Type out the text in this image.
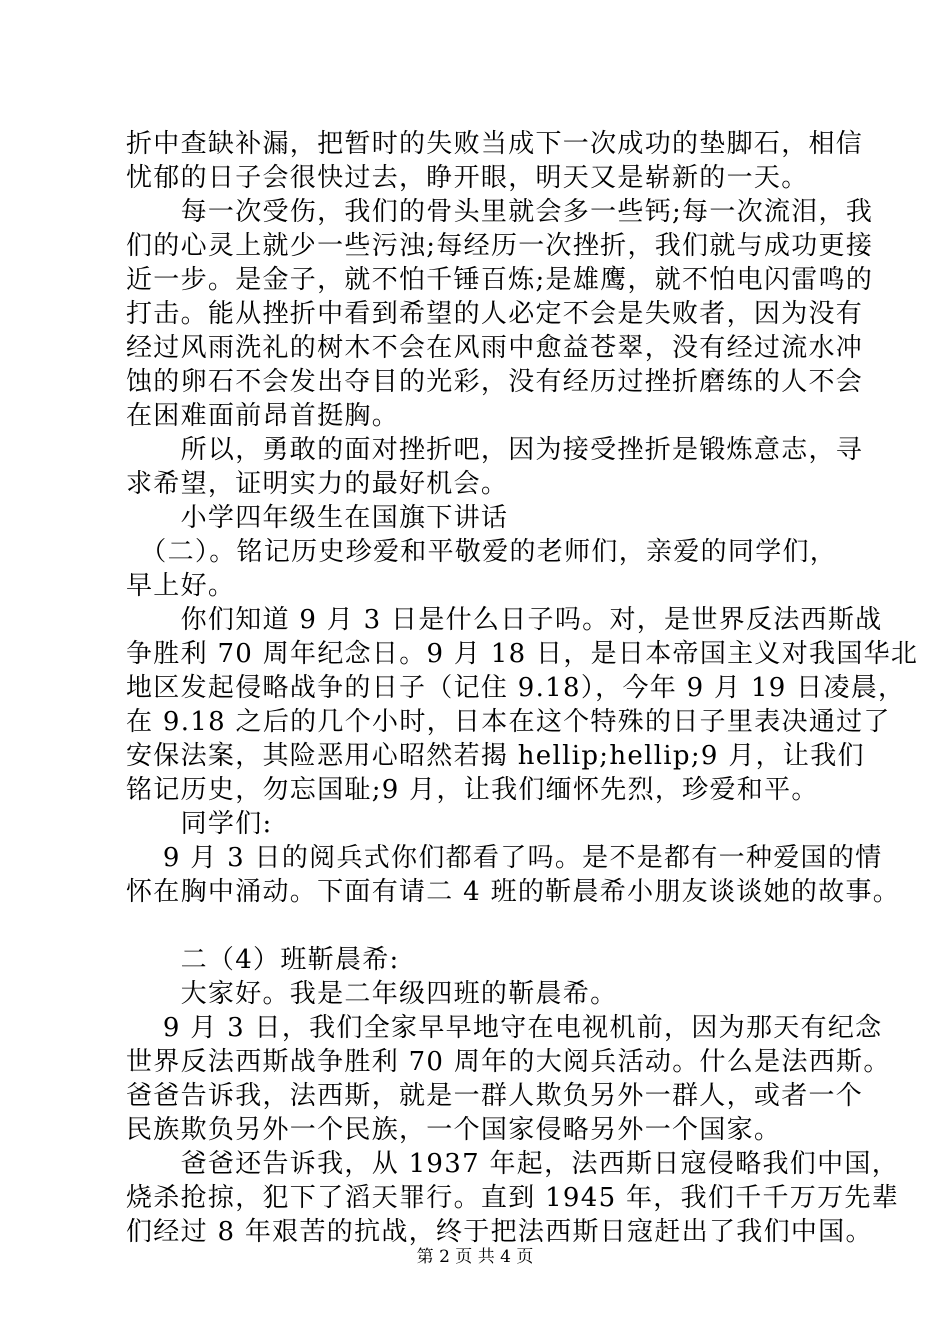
折中查缺补漏，把暂时的失败当成下一次成功的垫脚石，相信
忧郁的日子会很快过去，睁开眼，明天又是崭新的一天。
　　每一次受伤，我们的骨头里就会多一些钙;每一次流泪，我
们的心灵上就少一些污浊;每经历一次挫折，我们就与成功更接
近一步。是金子，就不怕千锤百炼;是雄鹰，就不怕电闪雷鸣的
打击。能从挫折中看到希望的人必定不会是失败者，因为没有
经过风雨洗礼的树木不会在风雨中愈益苍翠，没有经过流水冲
蚀的卵石不会发出夺目的光彩，没有经历过挫折磨练的人不会
在困难面前昂首挺胸。
　　所以，勇敢的面对挫折吧，因为接受挫折是锻炼意志，寻
求希望，证明实力的最好机会。
　　小学四年级生在国旗下讲话
　（二）。铭记历史珍爱和平敬爱的老师们，亲爱的同学们，
早上好。
　　你们知道 9 月 3 日是什么日子吗。对，是世界反法西斯战
争胜利 70 周年纪念日。9 月 18 日，是日本帝国主义对我国华北
地区发起侵略战争的日子（记住 9.18），今年 9 月 19 日凌晨，
在 9.18 之后的几个小时，日本在这个特殊的日子里表决通过了
安保法案，其险恶用心昭然若揭 hellip;hellip;9 月，让我们
铭记历史，勿忘国耻;9 月，让我们缅怀先烈，珍爱和平。
　　同学们:
　 9 月 3 日的阅兵式你们都看了吗。是不是都有一种爱国的情
怀在胸中涌动。下面有请二 4 班的靳晨希小朋友谈谈她的故事。
　　二（4）班靳晨希:
　　大家好。我是二年级四班的靳晨希。
　 9 月 3 日，我们全家早早地守在电视机前，因为那天有纪念
世界反法西斯战争胜利 70 周年的大阅兵活动。什么是法西斯。
爸爸告诉我，法西斯，就是一群人欺负另外一群人，或者一个
民族欺负另外一个民族，一个国家侵略另外一个国家。
　　爸爸还告诉我，从 1937 年起，法西斯日寇侵略我们中国，
烧杀抢掠，犯下了滔天罪行。直到 1945 年，我们千千万万先辈
们经过 8 年艰苦的抗战，终于把法西斯日寇赶出了我们中国。
第 2 页 共 4 页
